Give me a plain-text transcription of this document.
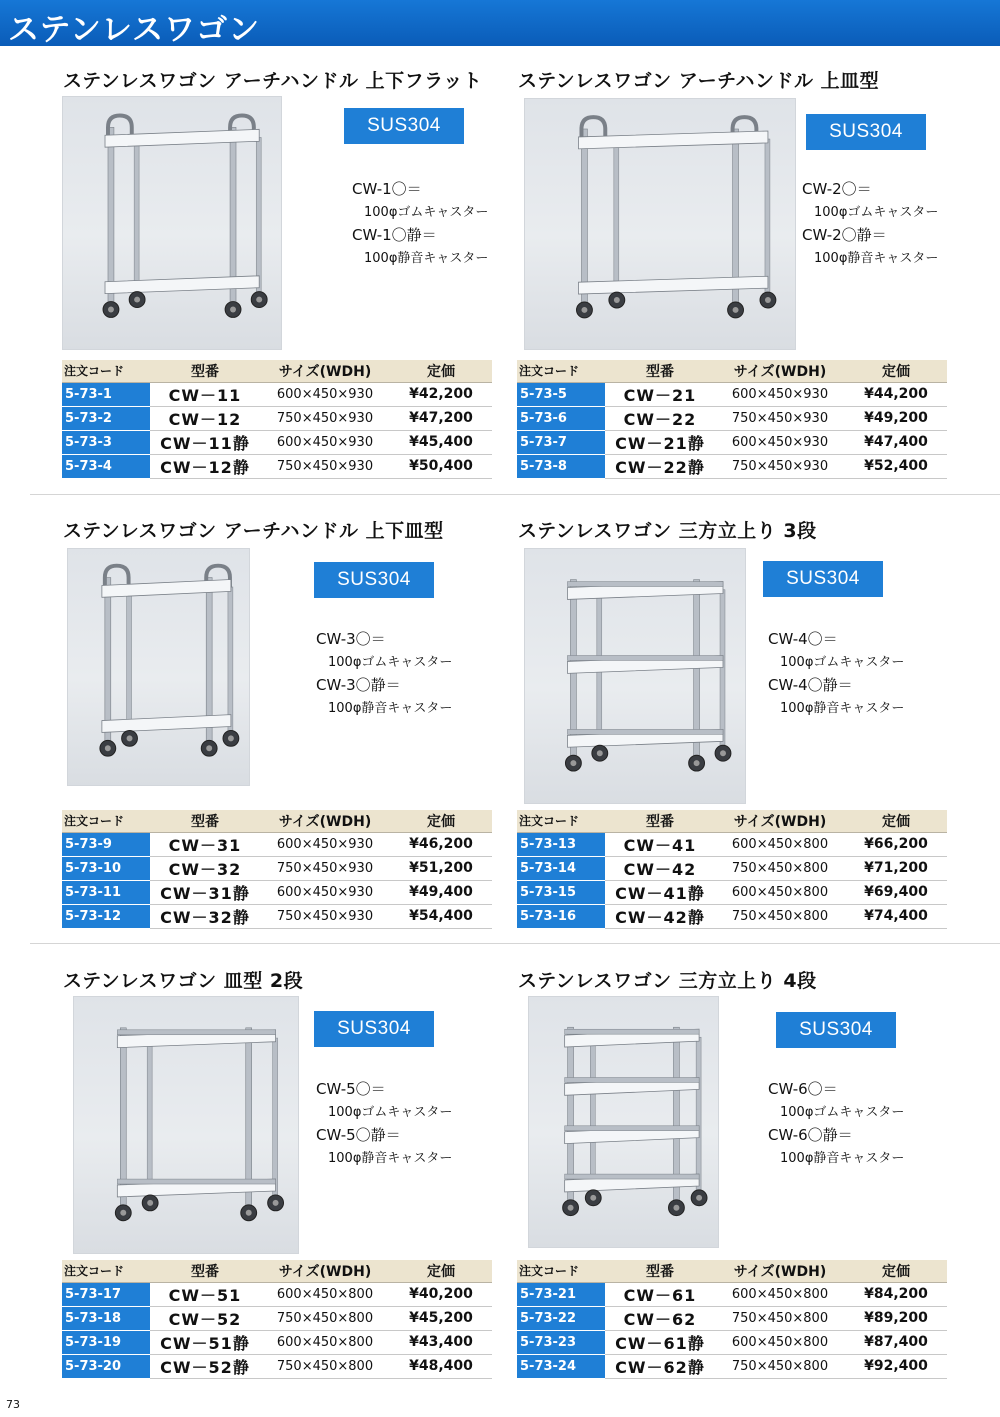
ステンレスワゴン
73
ステンレスワゴン アーチハンドル 上下フラット
SUS304
CW-1〇＝
100φゴムキャスター
CW-1〇静＝
100φ静音キャスター
注文コード	型番	サイズ(WDH)	定価
5-73-1	CW－11	600×450×930	¥42,200
5-73-2	CW－12	750×450×930	¥47,200
5-73-3	CW－11静	600×450×930	¥45,400
5-73-4	CW－12静	750×450×930	¥50,400
ステンレスワゴン アーチハンドル 上皿型
SUS304
CW-2〇＝
100φゴムキャスター
CW-2〇静＝
100φ静音キャスター
注文コード	型番	サイズ(WDH)	定価
5-73-5	CW－21	600×450×930	¥44,200
5-73-6	CW－22	750×450×930	¥49,200
5-73-7	CW－21静	600×450×930	¥47,400
5-73-8	CW－22静	750×450×930	¥52,400
ステンレスワゴン アーチハンドル 上下皿型
SUS304
CW-3〇＝
100φゴムキャスター
CW-3〇静＝
100φ静音キャスター
注文コード	型番	サイズ(WDH)	定価
5-73-9	CW－31	600×450×930	¥46,200
5-73-10	CW－32	750×450×930	¥51,200
5-73-11	CW－31静	600×450×930	¥49,400
5-73-12	CW－32静	750×450×930	¥54,400
ステンレスワゴン 三方立上り 3段
SUS304
CW-4〇＝
100φゴムキャスター
CW-4〇静＝
100φ静音キャスター
注文コード	型番	サイズ(WDH)	定価
5-73-13	CW－41	600×450×800	¥66,200
5-73-14	CW－42	750×450×800	¥71,200
5-73-15	CW－41静	600×450×800	¥69,400
5-73-16	CW－42静	750×450×800	¥74,400
ステンレスワゴン 皿型 2段
SUS304
CW-5〇＝
100φゴムキャスター
CW-5〇静＝
100φ静音キャスター
注文コード	型番	サイズ(WDH)	定価
5-73-17	CW－51	600×450×800	¥40,200
5-73-18	CW－52	750×450×800	¥45,200
5-73-19	CW－51静	600×450×800	¥43,400
5-73-20	CW－52静	750×450×800	¥48,400
ステンレスワゴン 三方立上り 4段
SUS304
CW-6〇＝
100φゴムキャスター
CW-6〇静＝
100φ静音キャスター
注文コード	型番	サイズ(WDH)	定価
5-73-21	CW－61	600×450×800	¥84,200
5-73-22	CW－62	750×450×800	¥89,200
5-73-23	CW－61静	600×450×800	¥87,400
5-73-24	CW－62静	750×450×800	¥92,400
